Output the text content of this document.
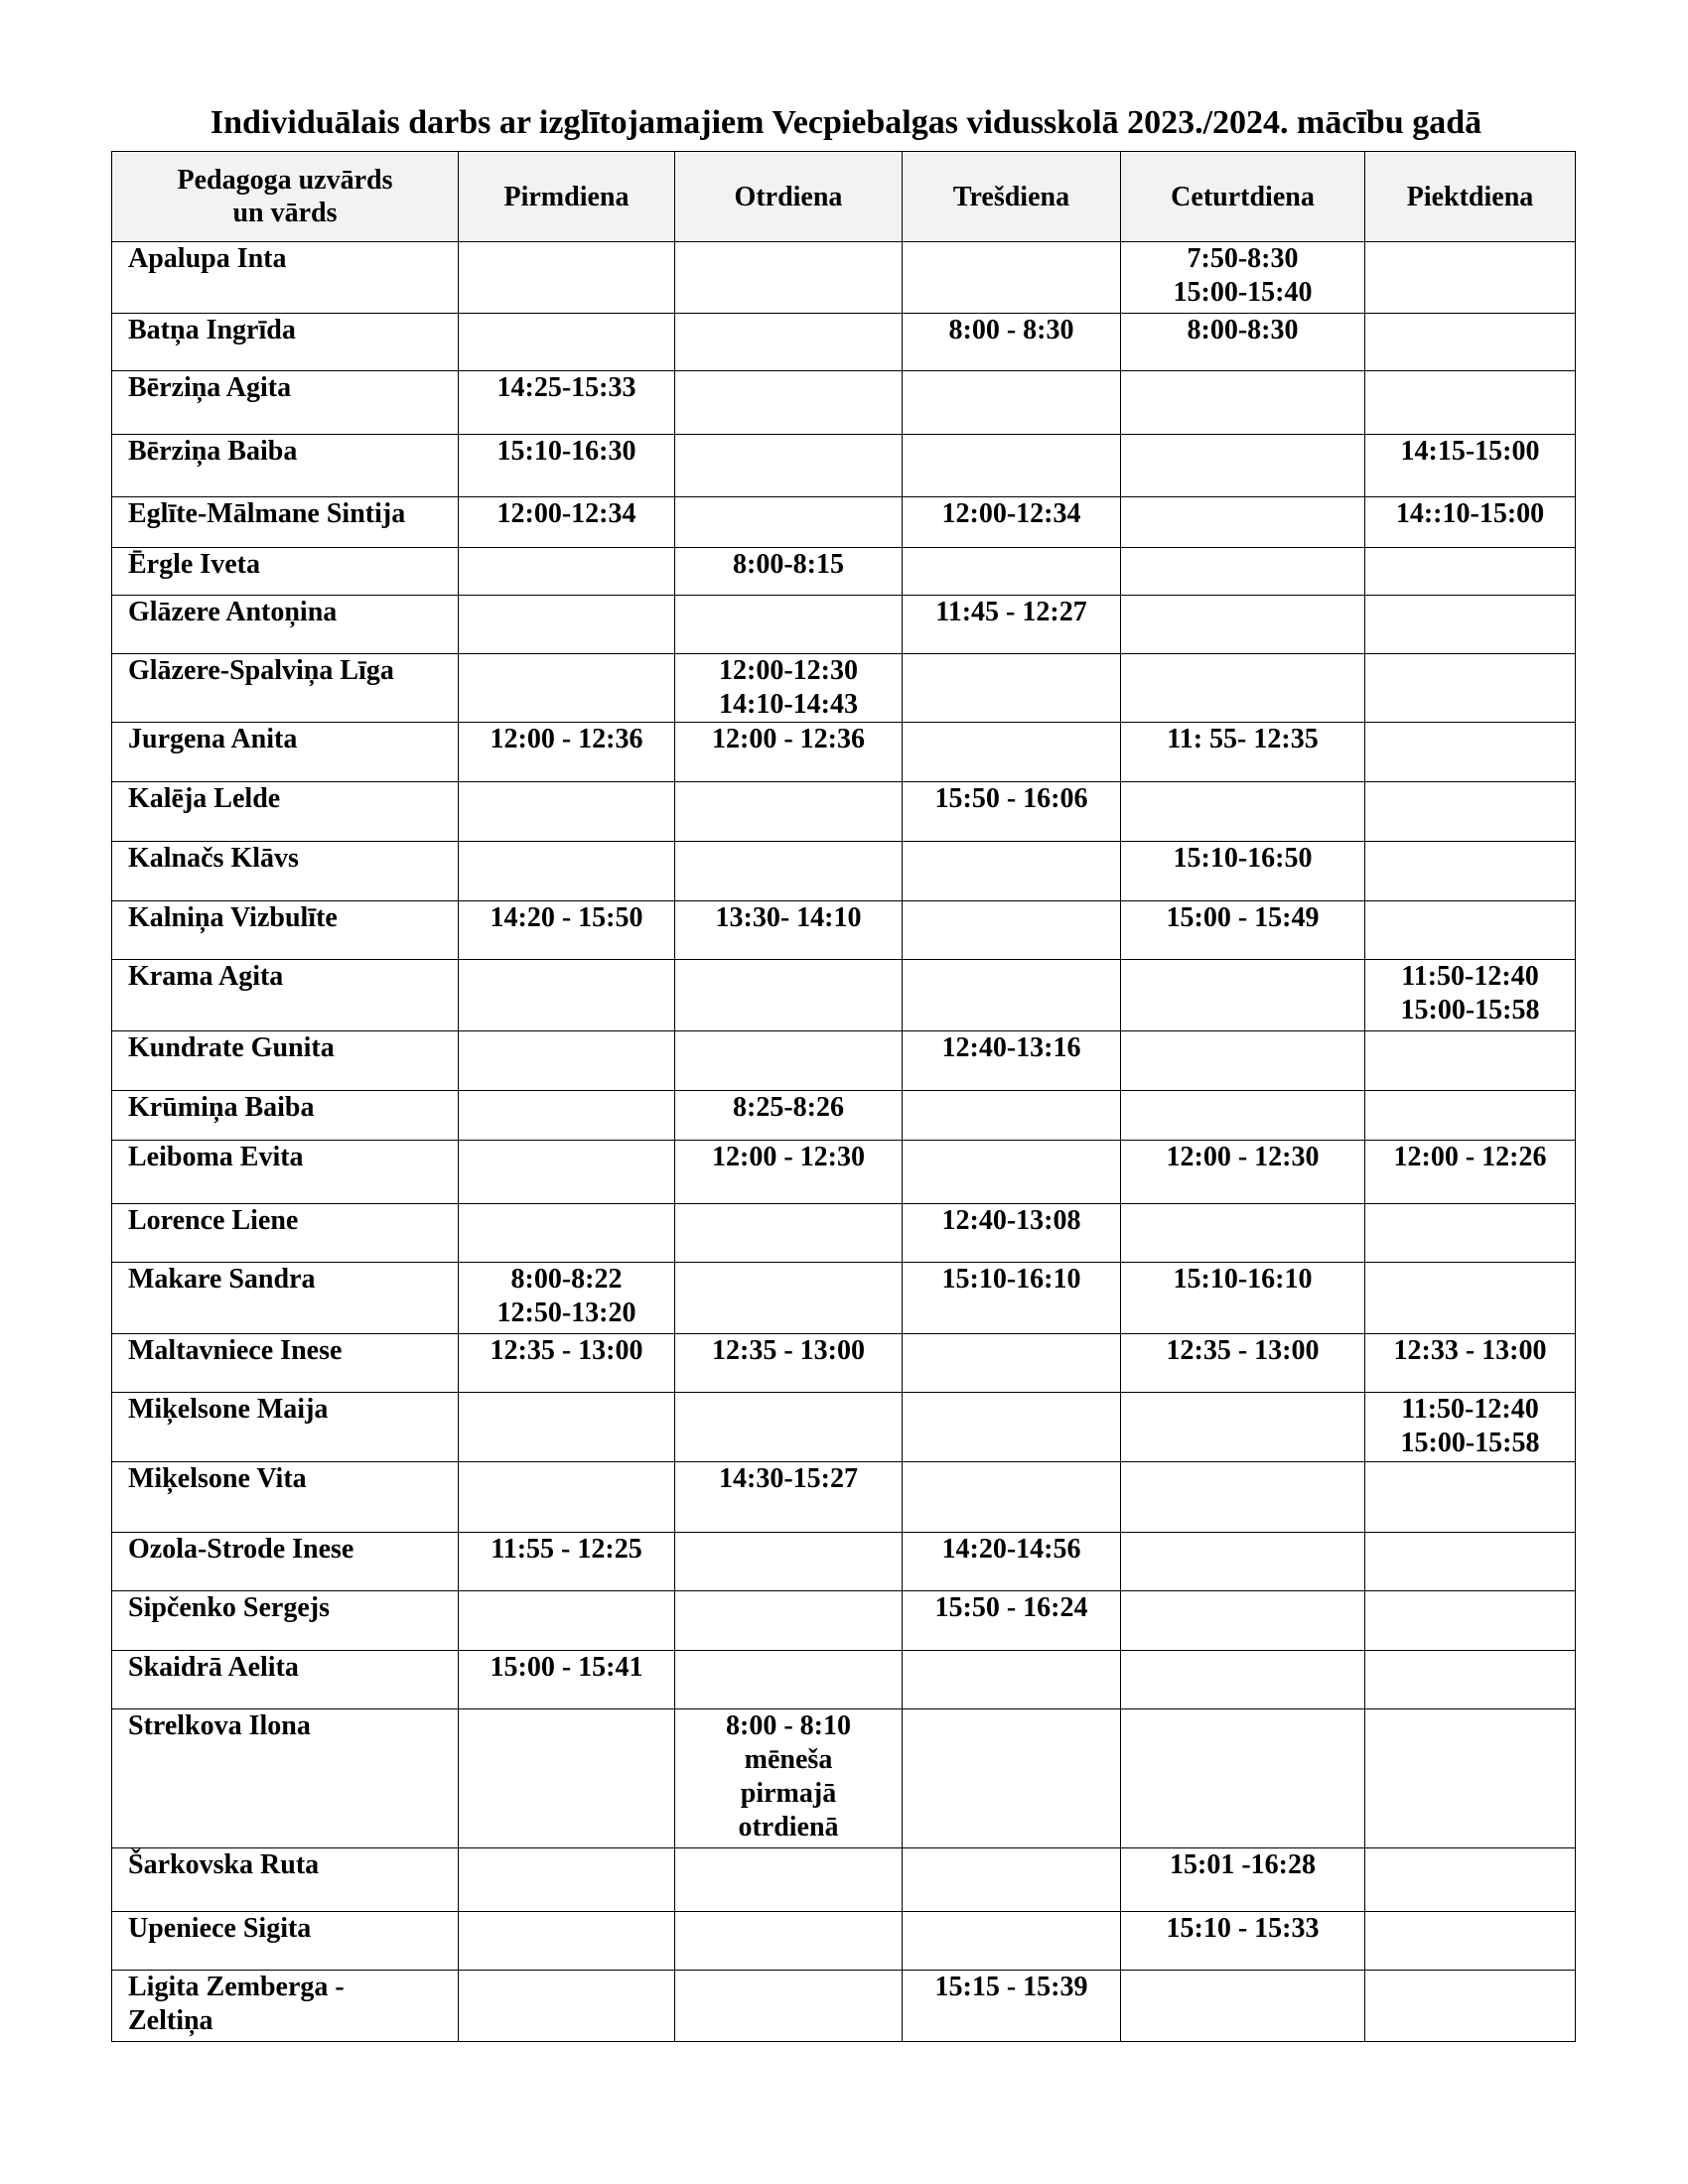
Individuālais darbs ar izglītojamajiem Vecpiebalgas vidusskolā 2023./2024. mācību gadā
Pedagoga uzvārds
un vārds	Pirmdiena	Otrdiena	Trešdiena	Ceturtdiena	Piektdiena

Apalupa Inta				7:50-8:30
15:00-15:40	

Batņa Ingrīda			8:00 - 8:30	8:00-8:30	

Bērziņa Agita	14:25-15:33				

Bērziņa Baiba	15:10-16:30				14:15-15:00

Eglīte-Mālmane Sintija	12:00-12:34		12:00-12:34		14::10-15:00

Ērgle Iveta		8:00-8:15			

Glāzere Antoņina			11:45 - 12:27		

Glāzere-Spalviņa Līga		12:00-12:30
14:10-14:43			

Jurgena Anita	12:00 - 12:36	12:00 - 12:36		11: 55- 12:35	

Kalēja Lelde			15:50 - 16:06		

Kalnačs Klāvs				15:10-16:50	

Kalniņa Vizbulīte	14:20 - 15:50	13:30- 14:10		15:00 - 15:49	

Krama Agita					11:50-12:40
15:00-15:58

Kundrate Gunita			12:40-13:16		

Krūmiņa Baiba		8:25-8:26			

Leiboma Evita		12:00 - 12:30		12:00 - 12:30	12:00 - 12:26

Lorence Liene			12:40-13:08		

Makare Sandra	8:00-8:22
12:50-13:20		15:10-16:10	15:10-16:10	

Maltavniece Inese	12:35 - 13:00	12:35 - 13:00		12:35 - 13:00	12:33 - 13:00

Miķelsone Maija					11:50-12:40
15:00-15:58

Miķelsone Vita		14:30-15:27			

Ozola-Strode Inese	11:55 - 12:25		14:20-14:56		

Sipčenko Sergejs			15:50 - 16:24		

Skaidrā Aelita	15:00 - 15:41				

Strelkova Ilona		8:00 - 8:10
mēneša
pirmajā
otrdienā			

Šarkovska Ruta				15:01 -16:28	

Upeniece Sigita				15:10 - 15:33	

Ligita Zemberga -
Zeltiņa			15:15 - 15:39		
